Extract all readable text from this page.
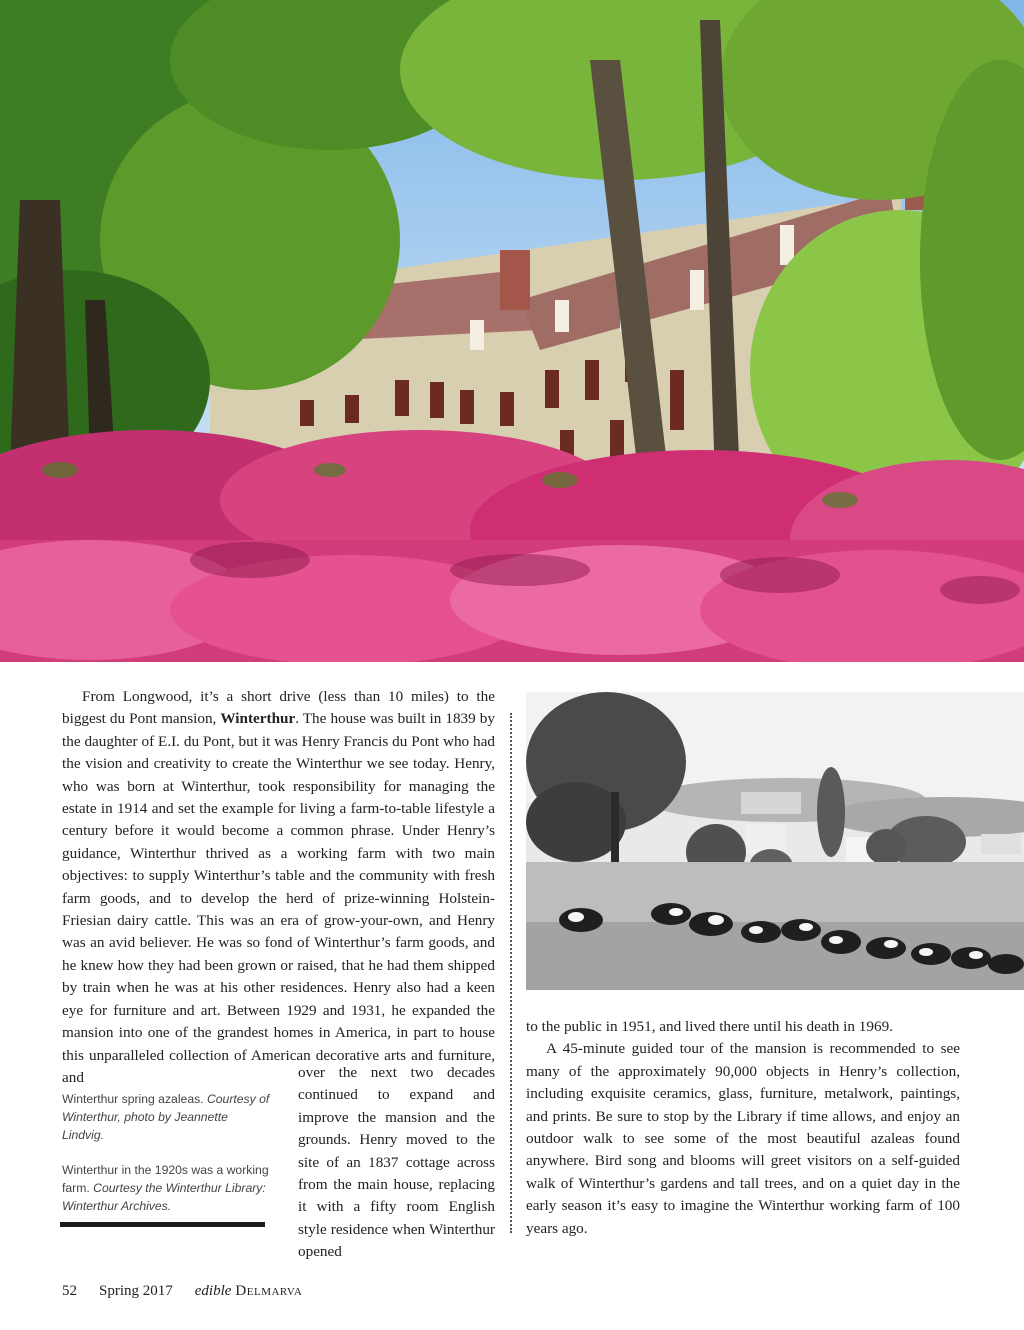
From Longwood, it’s a short drive (less than 10 miles) to the biggest du Pont mansion, Winterthur. The house was built in 1839 by the daughter of E.I. du Pont, but it was Henry Francis du Pont who had the vision and creativity to create the Winterthur we see today. Henry, who was born at Winterthur, took responsibility for managing the estate in 1914 and set the example for living a farm-to-table lifestyle a century before it would become a common phrase. Under Henry’s guidance, Winterthur thrived as a working farm with two main objectives: to supply Winterthur’s table and the community with fresh farm goods, and to develop the herd of prize-winning Holstein-Friesian dairy cattle. This was an era of grow-your-own, and Henry was an avid believer. He was so fond of Winterthur’s farm goods, and he knew how they had been grown or raised, that he had them shipped by train when he was at his other residences. Henry also had a keen eye for furniture and art. Between 1929 and 1931, he expanded the mansion into one of the grandest homes in America, in part to house this unparalleled collection of American decorative arts and furniture, and	over the next two decades continued to expand and improve the mansion and the grounds. Henry moved to the site of an 1837 cottage across from the main house, replacing it with a fifty room English style residence when Winterthur opened

Winterthur spring azaleas. Courtesy of Winterthur, photo by Jeannette Lindvig.

Winterthur in the 1920s was a working farm. Courtesy the Winterthur Library: Winterthur Archives.

to the public in 1951, and lived there until his death in 1969.

A 45-minute guided tour of the mansion is recommended to see many of the approximately 90,000 objects in Henry’s collection, including exquisite ceramics, glass, furniture, metalwork, paintings, and prints. Be sure to stop by the Library if time allows, and enjoy an outdoor walk to see some of the most beautiful azaleas found anywhere. Bird song and blooms will greet visitors on a self-guided walk of Winterthur’s gardens and tall trees, and on a quiet day in the early season it’s easy to imagine the Winterthur working farm of 100 years ago.

52 Spring 2017 edible Delmarva
